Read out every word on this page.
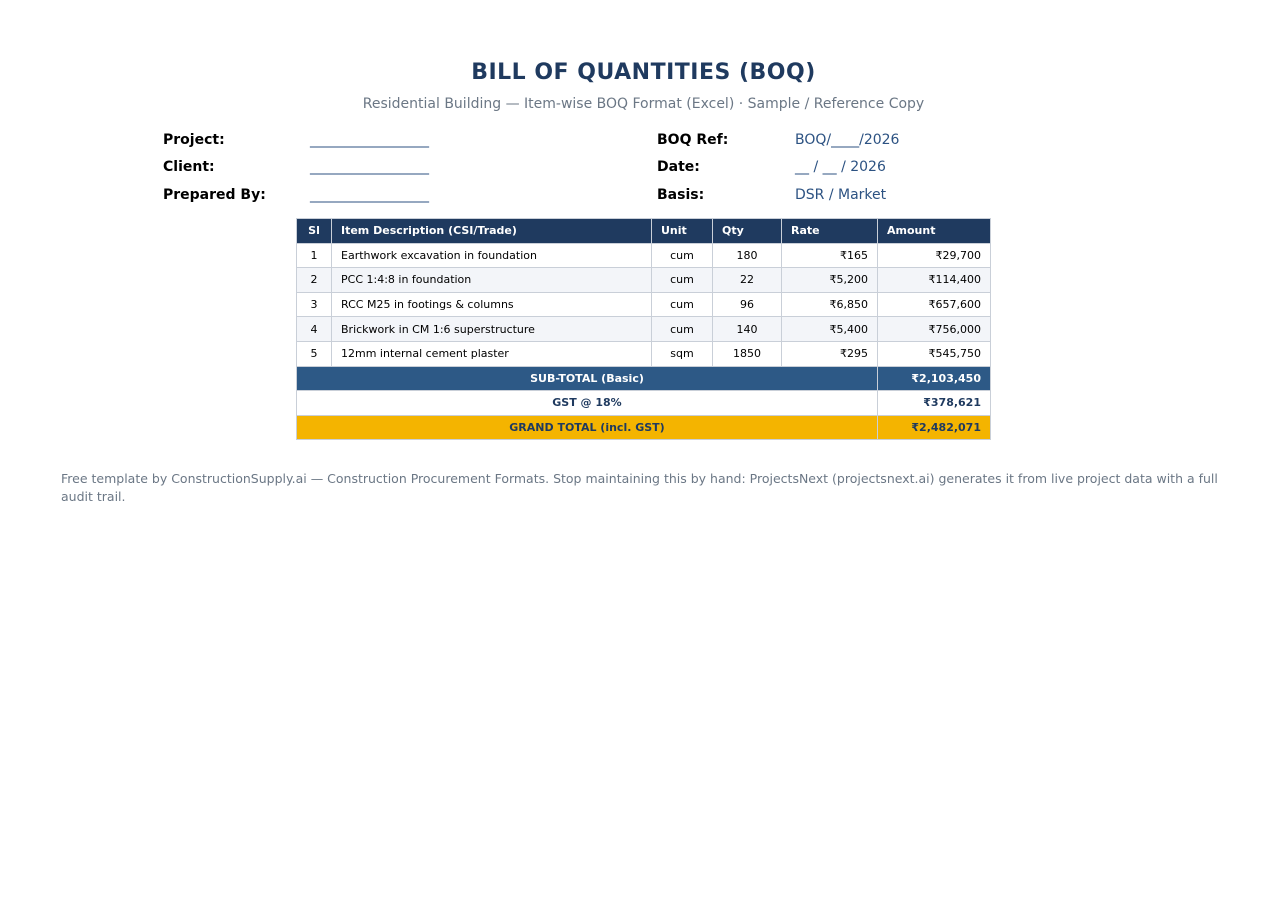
BILL OF QUANTITIES (BOQ)
Residential Building — Item-wise BOQ Format (Excel) · Sample / Reference Copy
Project:	_________________
Client:	_________________
Prepared By:	_________________
BOQ Ref:	BOQ/____/2026
Date:	__ / __ / 2026
Basis:	DSR / Market
Sl	Item Description (CSI/Trade)	Unit	Qty	Rate	Amount
1	Earthwork excavation in foundation	cum	180	₹165	₹29,700
2	PCC 1:4:8 in foundation	cum	22	₹5,200	₹114,400
3	RCC M25 in footings & columns	cum	96	₹6,850	₹657,600
4	Brickwork in CM 1:6 superstructure	cum	140	₹5,400	₹756,000
5	12mm internal cement plaster	sqm	1850	₹295	₹545,750
SUB-TOTAL (Basic)					₹2,103,450
GST @ 18%					₹378,621
GRAND TOTAL (incl. GST)					₹2,482,071
Free template by ConstructionSupply.ai — Construction Procurement Formats. Stop maintaining this by hand: ProjectsNext (projectsnext.ai) generates it from live project data with a full audit trail.
